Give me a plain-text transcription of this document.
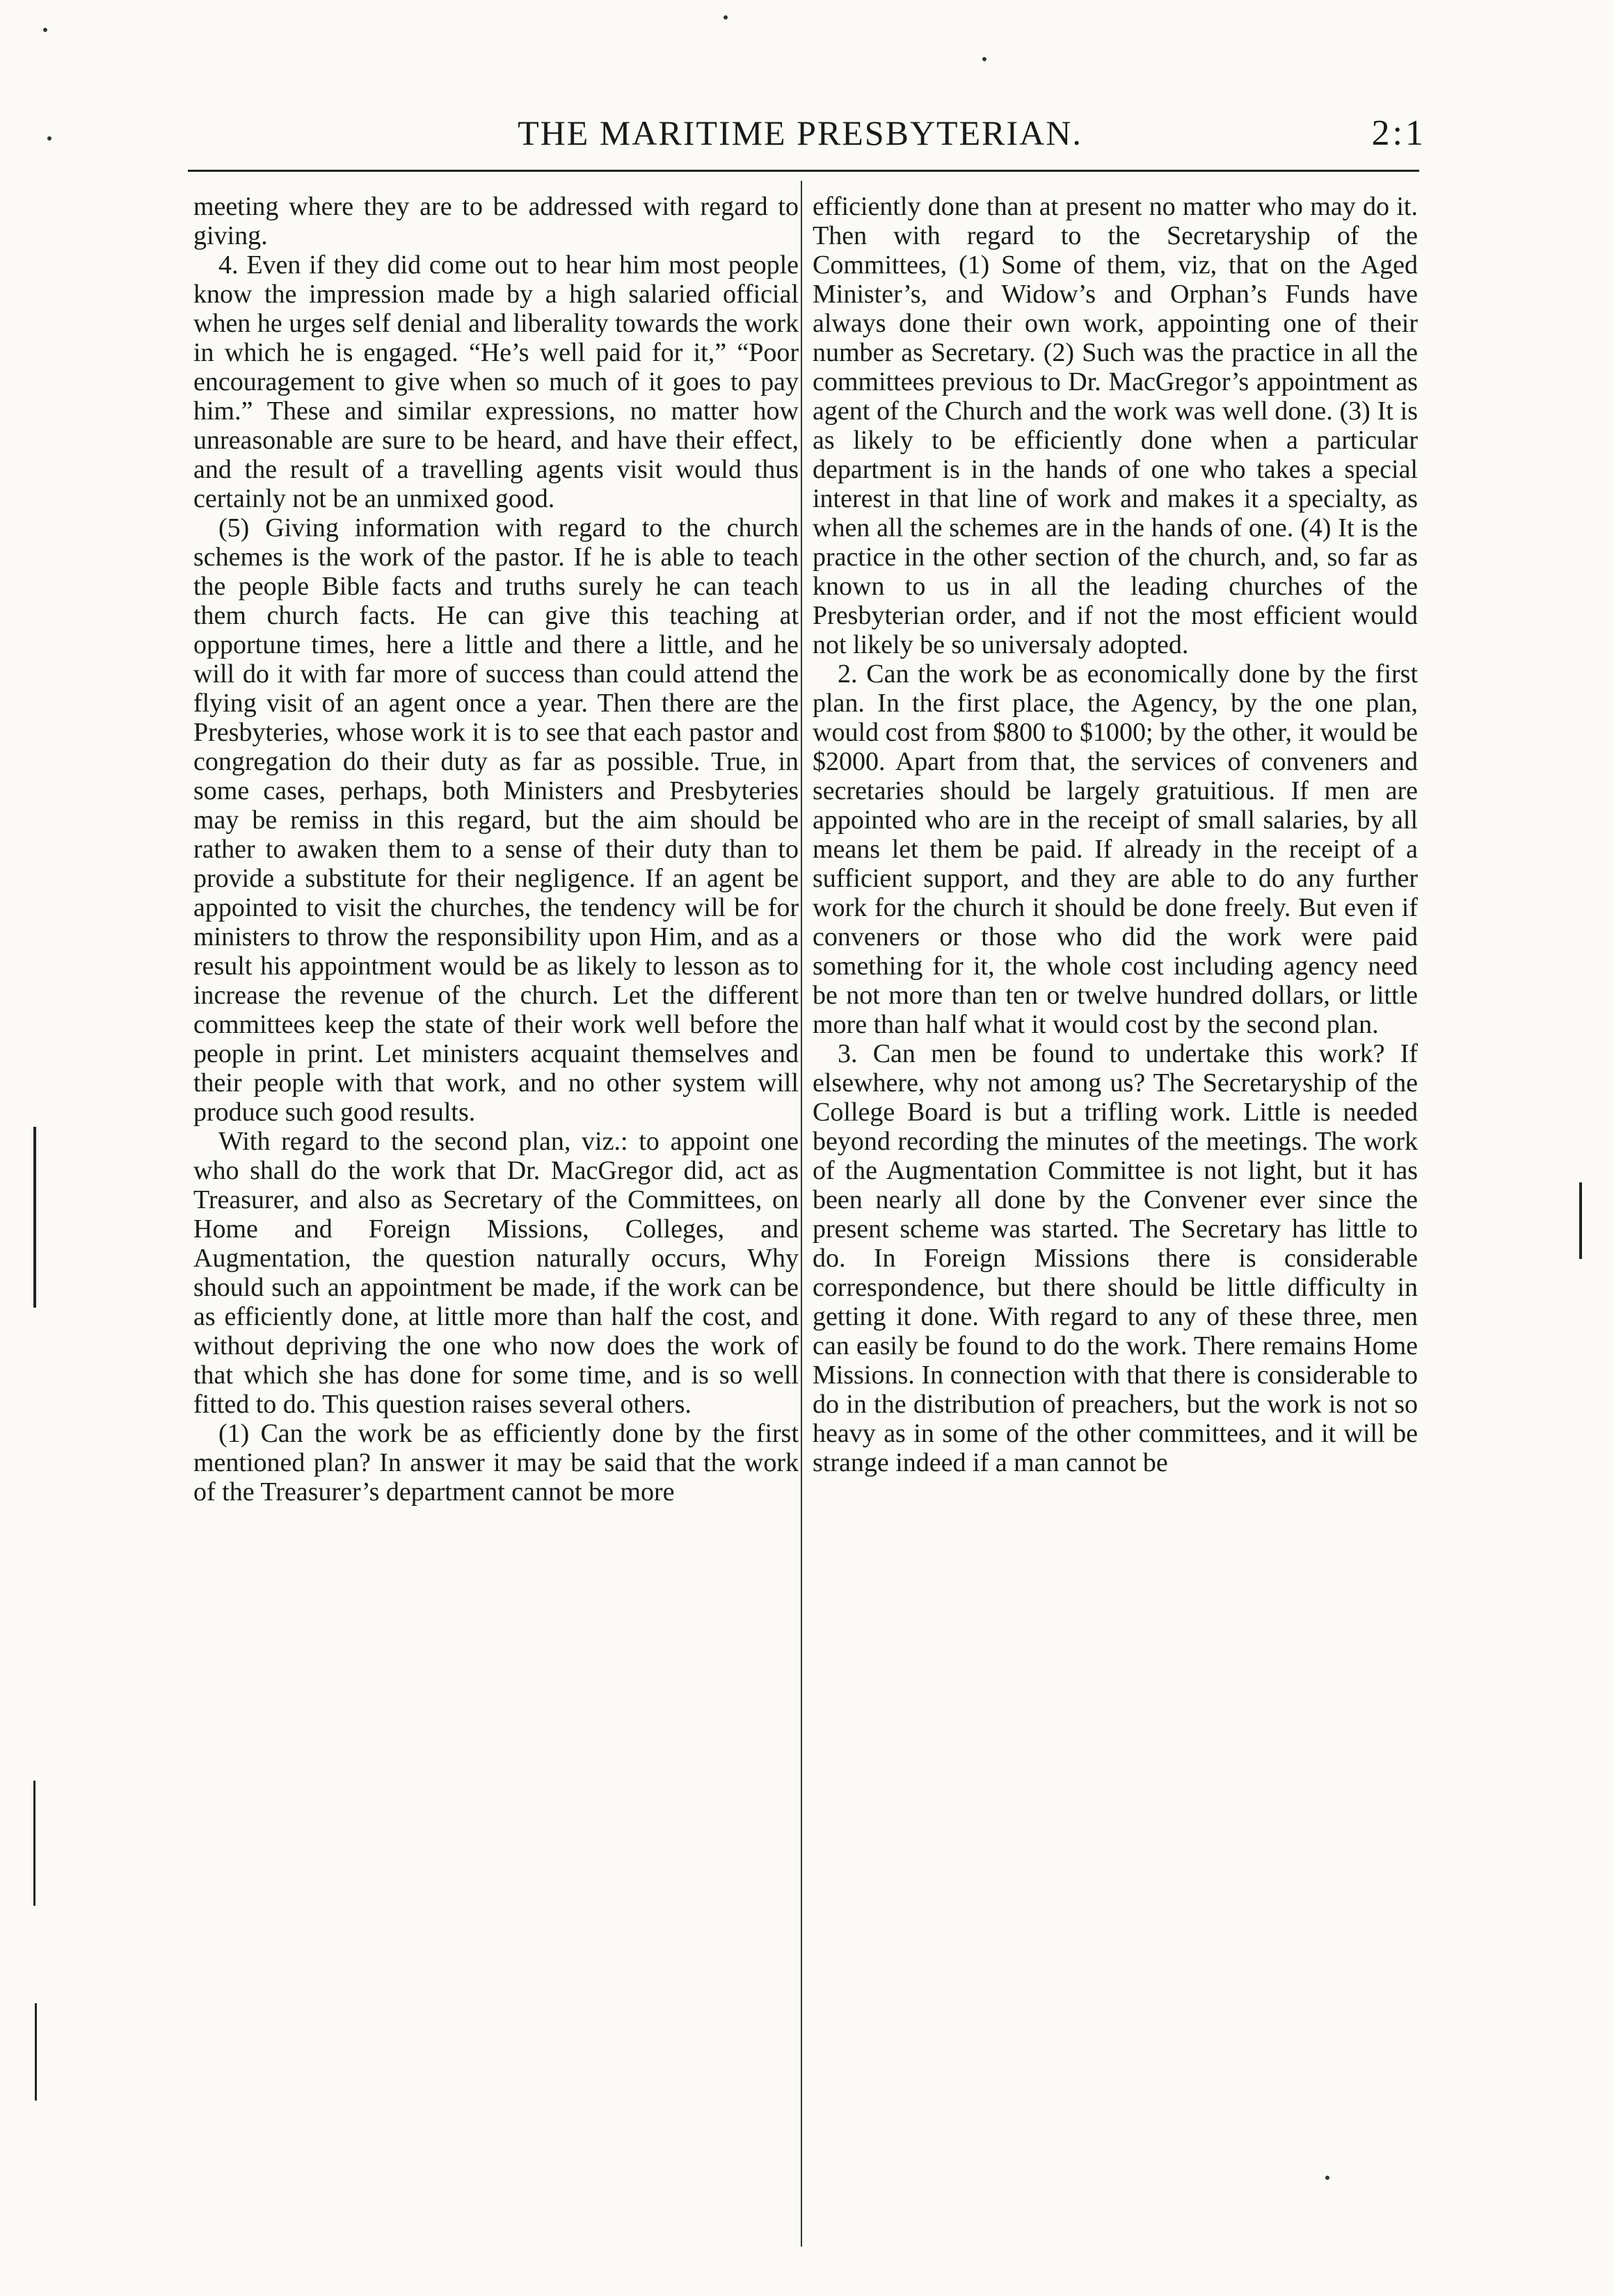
THE MARITIME PRESBYTERIAN.	2:1

meeting where they are to be addressed with regard to giving.

4. Even if they did come out to hear him most people know the impression made by a high salaried official when he urges self denial and liberality towards the work in which he is engaged. “He’s well paid for it,” “Poor encouragement to give when so much of it goes to pay him.” These and similar expressions, no matter how unreasonable are sure to be heard, and have their effect, and the result of a travelling agents visit would thus certainly not be an unmixed good.

(5) Giving information with regard to the church schemes is the work of the pastor. If he is able to teach the people Bible facts and truths surely he can teach them church facts. He can give this teaching at opportune times, here a little and there a little, and he will do it with far more of success than could attend the flying visit of an agent once a year. Then there are the Presbyteries, whose work it is to see that each pastor and congregation do their duty as far as possible. True, in some cases, perhaps, both Ministers and Presbyteries may be remiss in this regard, but the aim should be rather to awaken them to a sense of their duty than to provide a substitute for their negligence. If an agent be appointed to visit the churches, the tendency will be for ministers to throw the responsibility upon Him, and as a result his appointment would be as likely to lesson as to increase the revenue of the church. Let the different committees keep the state of their work well before the people in print. Let ministers acquaint themselves and their people with that work, and no other system will produce such good results.

With regard to the second plan, viz.: to appoint one who shall do the work that Dr. MacGregor did, act as Treasurer, and also as Secretary of the Committees, on Home and Foreign Missions, Colleges, and Augmentation, the question naturally occurs, Why should such an appointment be made, if the work can be as efficiently done, at little more than half the cost, and without depriving the one who now does the work of that which she has done for some time, and is so well fitted to do. This question raises several others.

(1) Can the work be as efficiently done by the first mentioned plan? In answer it may be said that the work of the Treasurer’s department cannot be more

efficiently done than at present no matter who may do it. Then with regard to the Secretaryship of the Committees, (1) Some of them, viz, that on the Aged Minister’s, and Widow’s and Orphan’s Funds have always done their own work, appointing one of their number as Secretary. (2) Such was the practice in all the committees previous to Dr. MacGregor’s appointment as agent of the Church and the work was well done. (3) It is as likely to be efficiently done when a particular department is in the hands of one who takes a special interest in that line of work and makes it a specialty, as when all the schemes are in the hands of one. (4) It is the practice in the other section of the church, and, so far as known to us in all the leading churches of the Presbyterian order, and if not the most efficient would not likely be so universaly adopted.

2. Can the work be as economically done by the first plan. In the first place, the Agency, by the one plan, would cost from $800 to $1000; by the other, it would be $2000. Apart from that, the services of conveners and secretaries should be largely gratuitious. If men are appointed who are in the receipt of small salaries, by all means let them be paid. If already in the receipt of a sufficient support, and they are able to do any further work for the church it should be done freely. But even if conveners or those who did the work were paid something for it, the whole cost including agency need be not more than ten or twelve hundred dollars, or little more than half what it would cost by the second plan.

3. Can men be found to undertake this work? If elsewhere, why not among us? The Secretaryship of the College Board is but a trifling work. Little is needed beyond recording the minutes of the meetings. The work of the Augmentation Committee is not light, but it has been nearly all done by the Convener ever since the present scheme was started. The Secretary has little to do. In Foreign Missions there is considerable correspondence, but there should be little difficulty in getting it done. With regard to any of these three, men can easily be found to do the work. There remains Home Missions. In connection with that there is considerable to do in the distribution of preachers, but the work is not so heavy as in some of the other committees, and it will be strange indeed if a man cannot be
